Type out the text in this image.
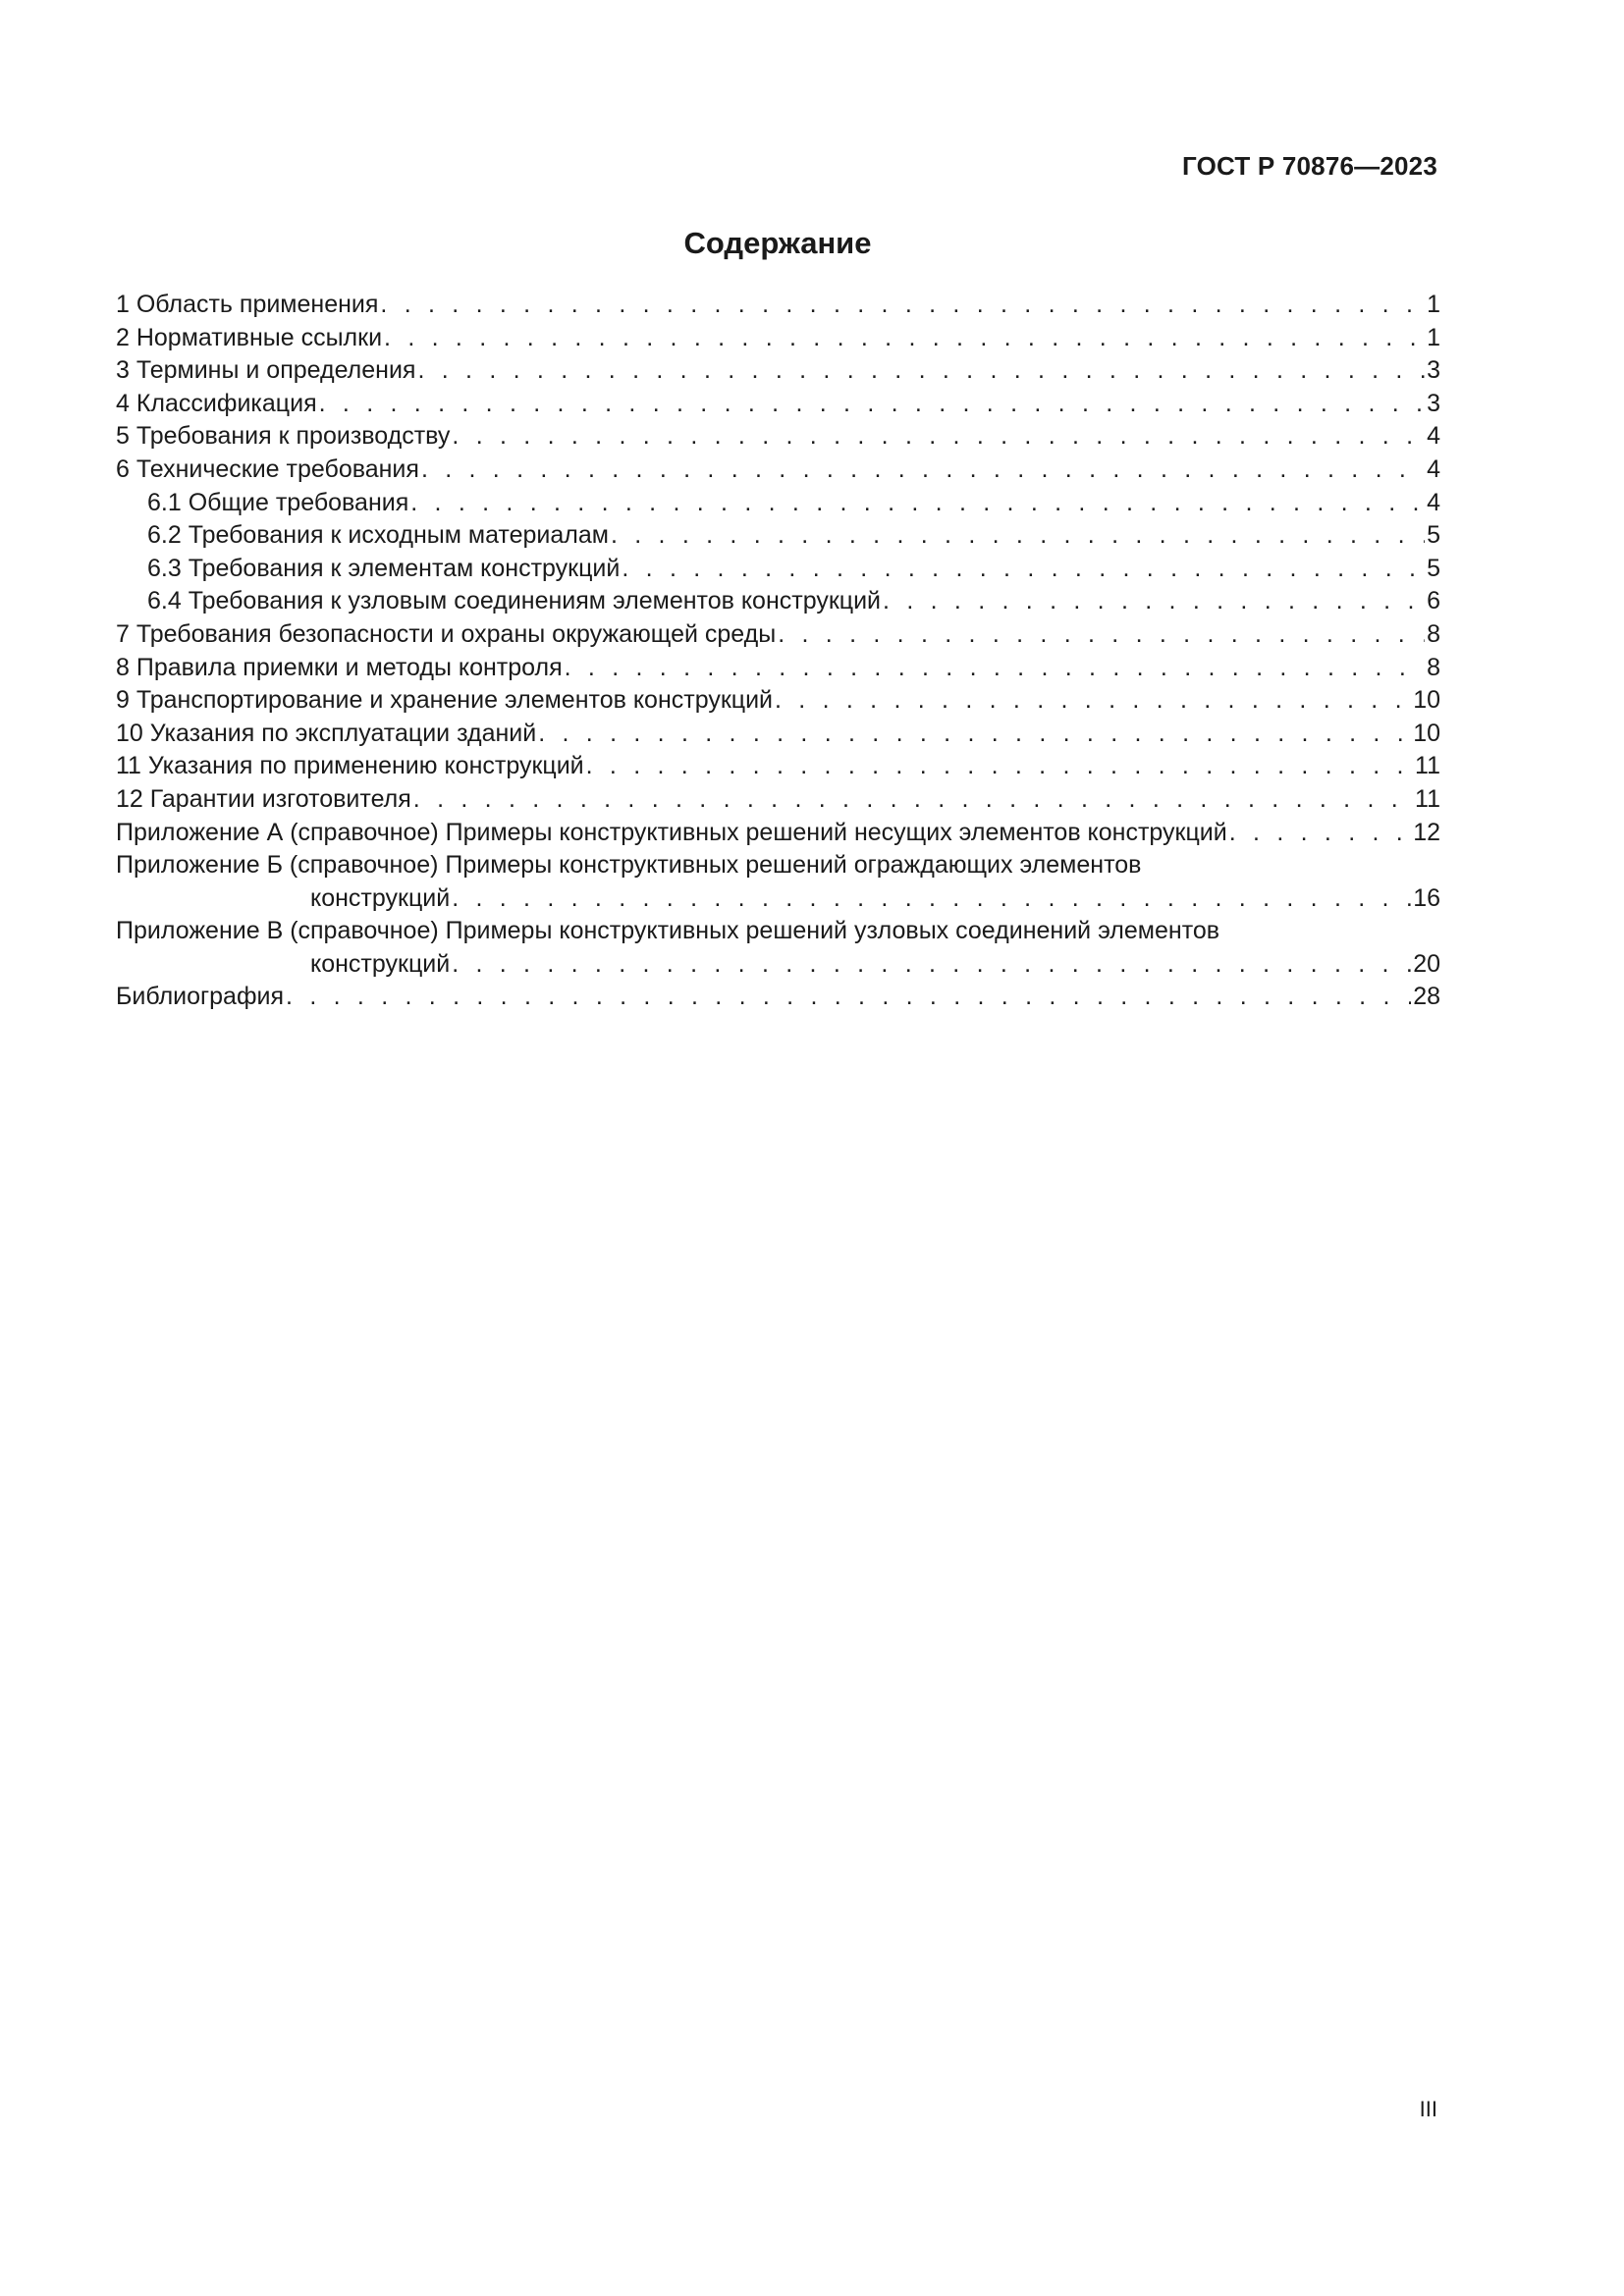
ГОСТ Р 70876—2023
Содержание
1 Область применения . . .	1
2 Нормативные ссылки . . .	1
3 Термины и определения . . .	3
4 Классификация . . .	3
5 Требования к производству . . .	4
6 Технические требования . . .	4
6.1 Общие требования . . .	4
6.2 Требования к исходным материалам . . .	5
6.3 Требования к элементам конструкций . . .	5
6.4 Требования к узловым соединениям элементов конструкций . . .	6
7 Требования безопасности и охраны окружающей среды . . .	8
8 Правила приемки и методы контроля . . .	8
9 Транспортирование и хранение элементов конструкций . . .	10
10 Указания по эксплуатации зданий . . .	10
11 Указания по применению конструкций . . .	11
12 Гарантии изготовителя . . .	11
Приложение А (справочное) Примеры конструктивных решений несущих элементов конструкций . . .	12
Приложение Б (справочное) Примеры конструктивных решений ограждающих элементов
конструкций . . .	16
Приложение В (справочное) Примеры конструктивных решений узловых соединений элементов
конструкций . . .	20
Библиография . . .	28
III
